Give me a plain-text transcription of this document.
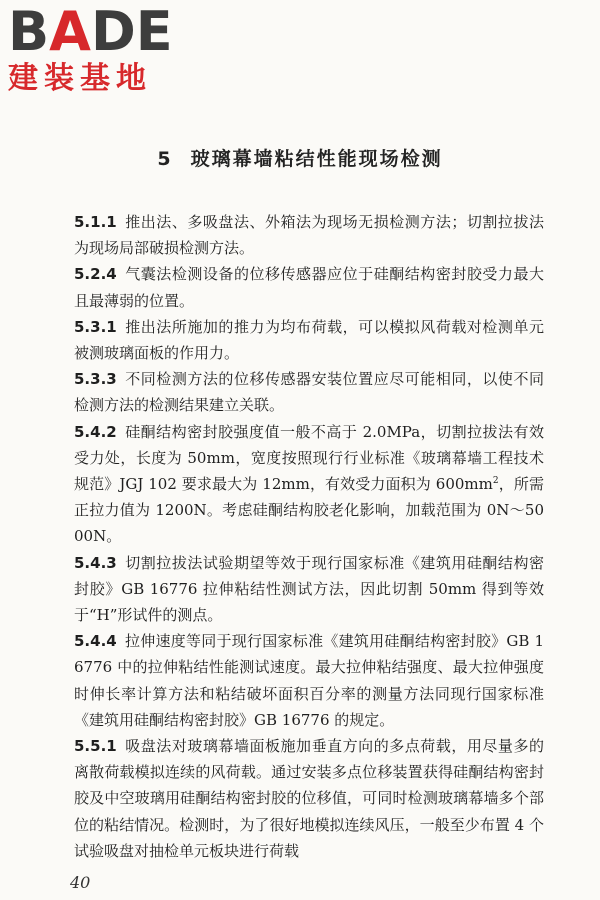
BADE
建装基地
5 玻璃幕墙粘结性能现场检测

5.1.1 推出法、多吸盘法、外箱法为现场无损检测方法；切割拉拔法为现场局部破损检测方法。

5.2.4 气囊法检测设备的位移传感器应位于硅酮结构密封胶受力最大且最薄弱的位置。

5.3.1 推出法所施加的推力为均布荷载，可以模拟风荷载对检测单元被测玻璃面板的作用力。

5.3.3 不同检测方法的位移传感器安装位置应尽可能相同，以使不同检测方法的检测结果建立关联。

5.4.2 硅酮结构密封胶强度值一般不高于 2.0MPa，切割拉拔法有效受力处，长度为 50mm，宽度按照现行行业标准《玻璃幕墙工程技术规范》JGJ 102 要求最大为 12mm，有效受力面积为 $600mm^2$，所需正拉力值为 1200N。考虑硅酮结构胶老化影响，加载范围为 0N～5000N。

5.4.3 切割拉拔法试验期望等效于现行国家标准《建筑用硅酮结构密封胶》GB 16776 拉伸粘结性测试方法，因此切割 50mm 得到等效于“H”形试件的测点。

5.4.4 拉伸速度等同于现行国家标准《建筑用硅酮结构密封胶》GB 16776 中的拉伸粘结性能测试速度。最大拉伸粘结强度、最大拉伸强度时伸长率计算方法和粘结破坏面积百分率的测量方法同现行国家标准《建筑用硅酮结构密封胶》GB 16776 的规定。

5.5.1 吸盘法对玻璃幕墙面板施加垂直方向的多点荷载，用尽量多的离散荷载模拟连续的风荷载。通过安装多点位移装置获得硅酮结构密封胶及中空玻璃用硅酮结构密封胶的位移值，可同时检测玻璃幕墙多个部位的粘结情况。检测时，为了很好地模拟连续风压，一般至少布置 4 个试验吸盘对抽检单元板块进行荷载

40
